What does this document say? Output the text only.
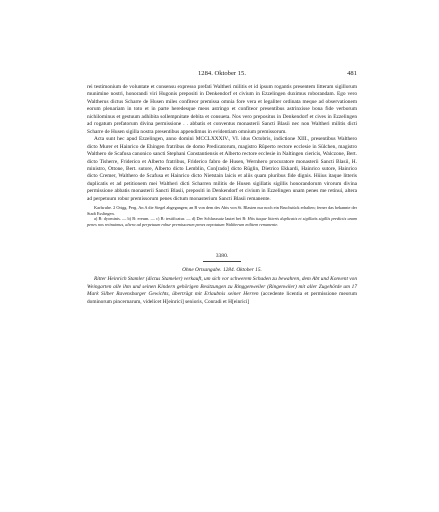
1284. Oktober 15.	481

rei testimonium de voluntate et consensu expresso prefati Waltheri militis et id ipsum rogantis presentem litteram sigillorum munimine nostri, honorandi viri Hugonis prepositi in Denkendorf et civium in Ezzelingen duximus roborandam. Ego vero Waltherus dictus Scharre de Husen miles confiteor premissa omnia fore vera et legaliter ordinata meque ad observationem eorum plenariam in toto et in parte heredesque meos astringo et confiteor presentibus astrinxisse bona fide verborum nichilominus et gestuum adhibita sollempnitate debita et consueta. Nos vero prepositus in Denkendorf et cives in Ezzelingen ad rogatum prefatorum divina permissione . . abbatis et conventus monasterii Sancti Blasii nec non Waltheri militis dicti Scharre de Husen sigilla nostra presentibus appendimus in evidentiam omnium premissorum.

Acta sunt hec apud Ezzelingen, anno domini MCCLXXXIV., VI. idus Octobris, indictione XIII., presentibus Walthero dicto Murer et Hainrico de Ehingen fratribus de domo Predicatorum, magistro Rŭperto rectore ecclesie in Sülchen, magistro Walthero de Scafusa canonico sancti Stephani Constantiensis et Alberto rectore ecclesie in Naltingen ciericis, Walczone, Bert. dicto Tisherre, Friderico et Alberto fratribus, Friderico fabro de Husen, Wernhero procuratore monasterii Sancti Blasii, H. ministro, Ottone, Bert. sutore, Alberto dicto Lemblin, Con[rado] dicto Rüglin, Dietrico Ekkardi, Hainrico sutore, Hainrico dicto Cremer, Walthero de Scafusa et Hainrico dicto Nietstain laicis et aliis quam pluribus fide dignis. Hüius itaque litteris duplicatis et ad petitionem mei Waltheri dicti Scharren militis de Husen sigillatis sigillis honorandorum virorum divina permissione abbatis monasterii Sancti Blasii, prepositi in Denkendorf et civium in Ezzelingen unam penes me retinui, altera ad perpetuum robur premissorum penes dictum monasterium Sancti Blasii remanente.

Karlsruhe. 2 Origg. Perg. An A die Siegel abgegangen; an B von dem des Abts von St. Blasien nur noch ein Bruchstück erhalten; ferner das bekannte der Stadt Esslingen.

a) B: dyominis. — b) B: ereum. — c) B: testificatur. — d) Der Schlusssatz lautet bei B: Hiis itaque litteris duplicatis et sigillatis sigillis predictis unam penes nos retinuimus, altera ad perpetuum robur premissorum penes nepotatum Waltherum militem remanente.

3380.
Ohne Ortsangabe. 1284. Oktober 15.

Ritter Heinrich Stamler (dictus Stameler) verkauft, um sich vor schwerem Schaden zu bewahren, dem Abt und Konvent von Weingarten alle ihm und seinen Kindern gehörigen Besitzungen zu Ringgenweiler (Ringenwiler) mit aller Zugehörde um 17 Mark Silber Ravensburger Gewichts, überträgt mit Erlaubnis seiner Herren (accedente licentia et permissione meorum dominorum pincernarum, videlicet H[einrici] senioris, Conradi et H[einrici]
